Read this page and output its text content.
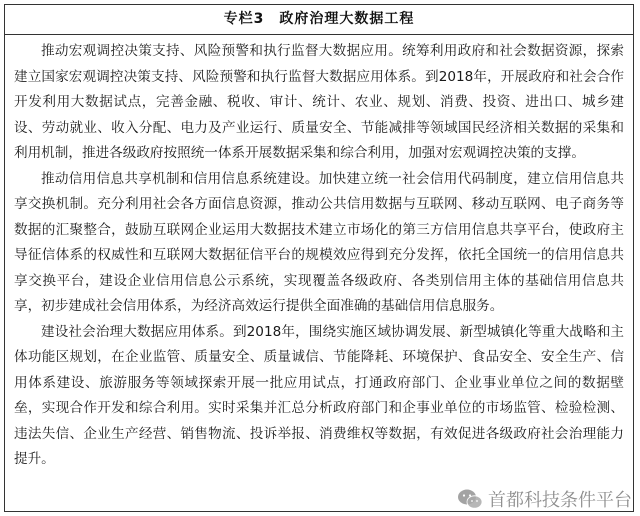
专栏3　政府治理大数据工程

推动宏观调控决策支持、风险预警和执行监督大数据应用。统筹利用政府和社会数据资源，探索建立国家宏观调控决策支持、风险预警和执行监督大数据应用体系。到2018年，开展政府和社会合作开发利用大数据试点，完善金融、税收、审计、统计、农业、规划、消费、投资、进出口、城乡建设、劳动就业、收入分配、电力及产业运行、质量安全、节能减排等领域国民经济相关数据的采集和利用机制，推进各级政府按照统一体系开展数据采集和综合利用，加强对宏观调控决策的支撑。

推动信用信息共享机制和信用信息系统建设。加快建立统一社会信用代码制度，建立信用信息共享交换机制。充分利用社会各方面信息资源，推动公共信用数据与互联网、移动互联网、电子商务等数据的汇聚整合，鼓励互联网企业运用大数据技术建立市场化的第三方信用信息共享平台，使政府主导征信体系的权威性和互联网大数据征信平台的规模效应得到充分发挥，依托全国统一的信用信息共享交换平台，建设企业信用信息公示系统，实现覆盖各级政府、各类别信用主体的基础信用信息共享，初步建成社会信用体系，为经济高效运行提供全面准确的基础信用信息服务。

建设社会治理大数据应用体系。到2018年，围绕实施区域协调发展、新型城镇化等重大战略和主体功能区规划，在企业监管、质量安全、质量诚信、节能降耗、环境保护、食品安全、安全生产、信用体系建设、旅游服务等领域探索开展一批应用试点，打通政府部门、企业事业单位之间的数据壁垒，实现合作开发和综合利用。实时采集并汇总分析政府部门和企事业单位的市场监管、检验检测、违法失信、企业生产经营、销售物流、投诉举报、消费维权等数据，有效促进各级政府社会治理能力提升。

首都科技条件平台
